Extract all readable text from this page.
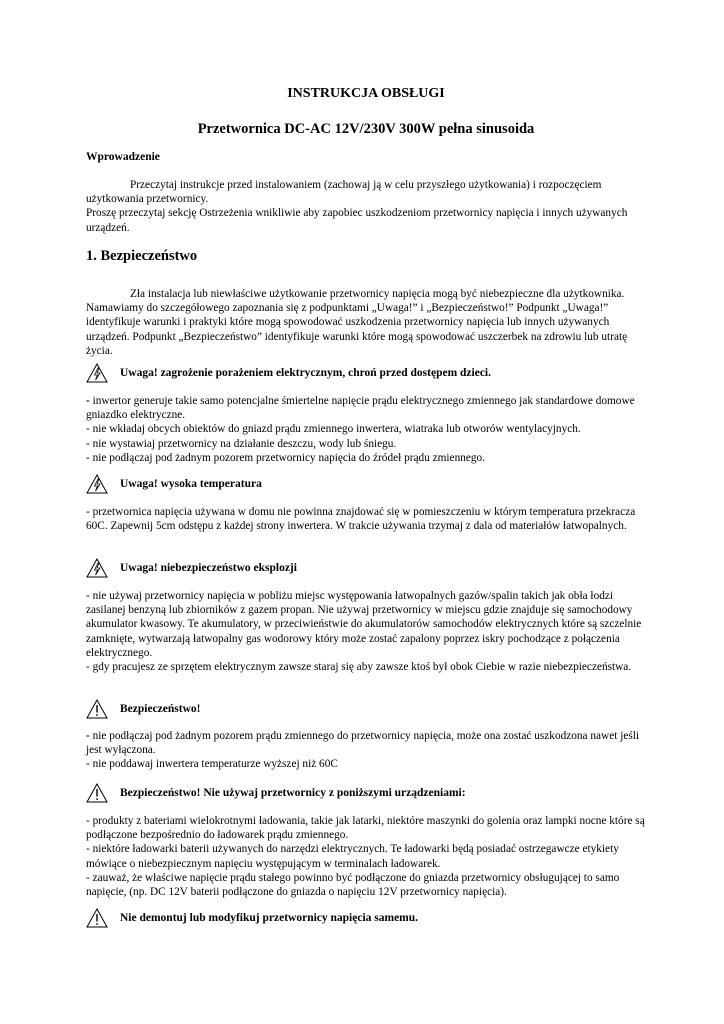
INSTRUKCJA OBSŁUGI
Przetwornica DC-AC 12V/230V 300W pełna sinusoida
Wprowadzenie
Przeczytaj instrukcje przed instalowaniem (zachowaj ją w celu przyszłego użytkowania) i rozpoczęciem użytkowania przetwornicy.
Proszę przeczytaj sekcję Ostrzeżenia wnikliwie aby zapobiec uszkodzeniom przetwornicy napięcia i innych używanych urządzeń.
1. Bezpieczeństwo
Zła instalacja lub niewłaściwe użytkowanie przetwornicy napięcia mogą być niebezpieczne dla użytkownika. Namawiamy do szczegółowego zapoznania się z podpunktami „Uwaga!” i „Bezpieczeństwo!” Podpunkt „Uwaga!” identyfikuje warunki i praktyki które mogą spowodować uszkodzenia przetwornicy napięcia lub innych używanych urządzeń. Podpunkt „Bezpieczeństwo” identyfikuje warunki które mogą spowodować uszczerbek na zdrowiu lub utratę życia.
Uwaga! zagrożenie porażeniem elektrycznym, chroń przed dostępem dzieci.
- inwertor generuje takie samo potencjalne śmiertelne napięcie prądu elektrycznego zmiennego jak standardowe domowe gniazdko elektryczne.
- nie wkładaj obcych obiektów do gniazd prądu zmiennego inwertera, wiatraka lub otworów wentylacyjnych.
- nie wystawiaj przetwornicy na działanie deszczu, wody lub śniegu.
- nie podłączaj pod żadnym pozorem przetwornicy napięcia do źródeł prądu zmiennego.
Uwaga! wysoka temperatura
- przetwornica napięcia używana w domu nie powinna znajdować się w pomieszczeniu w którym temperatura przekracza 60C. Zapewnij 5cm odstępu z każdej strony inwertera. W trakcie używania trzymaj z dala od materiałów łatwopalnych.
Uwaga! niebezpieczeństwo eksplozji
- nie używaj przetwornicy napięcia w pobliżu miejsc występowania łatwopalnych gazów/spalin takich jak obła łodzi zasilanej benzyną lub zbiorników z gazem propan. Nie używaj przetwornicy w miejscu gdzie znajduje się samochodowy akumulator kwasowy. Te akumulatory, w przeciwieństwie do akumulatorów samochodów elektrycznych które są szczelnie zamknięte, wytwarzają łatwopalny gas wodorowy który może zostać zapalony poprzez iskry pochodzące z połączenia elektrycznego.
- gdy pracujesz ze sprzętem elektrycznym zawsze staraj się aby zawsze ktoś był obok Ciebie w razie niebezpieczeństwa.
Bezpieczeństwo!
- nie podłączaj pod żadnym pozorem prądu zmiennego do przetwornicy napięcia, może ona zostać uszkodzona nawet jeśli jest wyłączona.
- nie poddawaj inwertera temperaturze wyższej niż 60C
Bezpieczeństwo! Nie używaj przetwornicy z poniższymi urządzeniami:
- produkty z bateriami wielokrotnymi ładowania, takie jak latarki, niektóre maszynki do golenia oraz lampki nocne które są podłączone bezpośrednio do ładowarek prądu zmiennego.
- niektóre ładowarki baterii używanych do narzędzi elektrycznych. Te ładowarki będą posiadać ostrzegawcze etykiety mówiące o niebezpiecznym napięciu występującym w terminalach ładowarek.
- zauważ, że właściwe napięcie prądu stałego powinno być podłączone do gniazda przetwornicy obsługującej to samo napięcie, (np. DC 12V baterii podłączone do gniazda o napięciu 12V przetwornicy napięcia).
Nie demontuj lub modyfikuj przetwornicy napięcia samemu.
